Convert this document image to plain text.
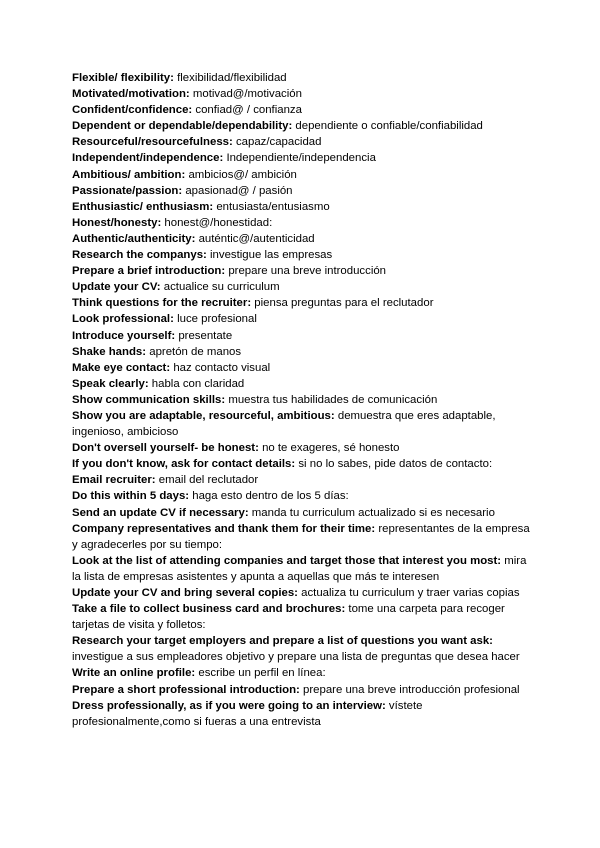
Flexible/ flexibility: flexibilidad/flexibilidad

Motivated/motivation: motivad@/motivación

Confident/confidence: confiad@ / confianza

Dependent or dependable/dependability: dependiente o confiable/confiabilidad

Resourceful/resourcefulness: capaz/capacidad

Independent/independence: Independiente/independencia

Ambitious/ ambition: ambicios@/ ambición

Passionate/passion: apasionad@ / pasión

Enthusiastic/ enthusiasm: entusiasta/entusiasmo

Honest/honesty: honest@/honestidad:

Authentic/authenticity: auténtic@/autenticidad

Research the companys: investigue las empresas

Prepare a brief introduction: prepare una breve introducción

Update your CV: actualice su curriculum

Think questions for the recruiter: piensa preguntas para el reclutador

Look professional: luce profesional

Introduce yourself: presentate

Shake hands: apretón de manos

Make eye contact: haz contacto visual

Speak clearly: habla con claridad

Show communication skills: muestra tus habilidades de comunicación

Show you are adaptable, resourceful, ambitious: demuestra que eres adaptable, ingenioso, ambicioso

Don't oversell yourself- be honest: no te exageres, sé honesto

If you don't know, ask for contact details: si no lo sabes, pide datos de contacto:

Email recruiter: email del reclutador

Do this within 5 days: haga esto dentro de los 5 días:

Send an update CV if necessary: manda tu curriculum actualizado si es necesario

Company representatives and thank them for their time: representantes de la empresa y agradecerles por su tiempo:

Look at the list of attending companies and target those that interest you most: mira la lista de empresas asistentes y apunta a aquellas que más te interesen

Update your CV and bring several copies: actualiza tu curriculum y traer varias copias

Take a file to collect business card and brochures: tome una carpeta para recoger tarjetas de visita y folletos:

Research your target employers and prepare a list of questions you want ask: investigue a sus empleadores objetivo y prepare una lista de preguntas que desea hacer

Write an online profile: escribe un perfil en línea:

Prepare a short professional introduction: prepare una breve introducción profesional

Dress professionally, as if you were going to an interview: vístete profesionalmente,como si fueras a una entrevista
